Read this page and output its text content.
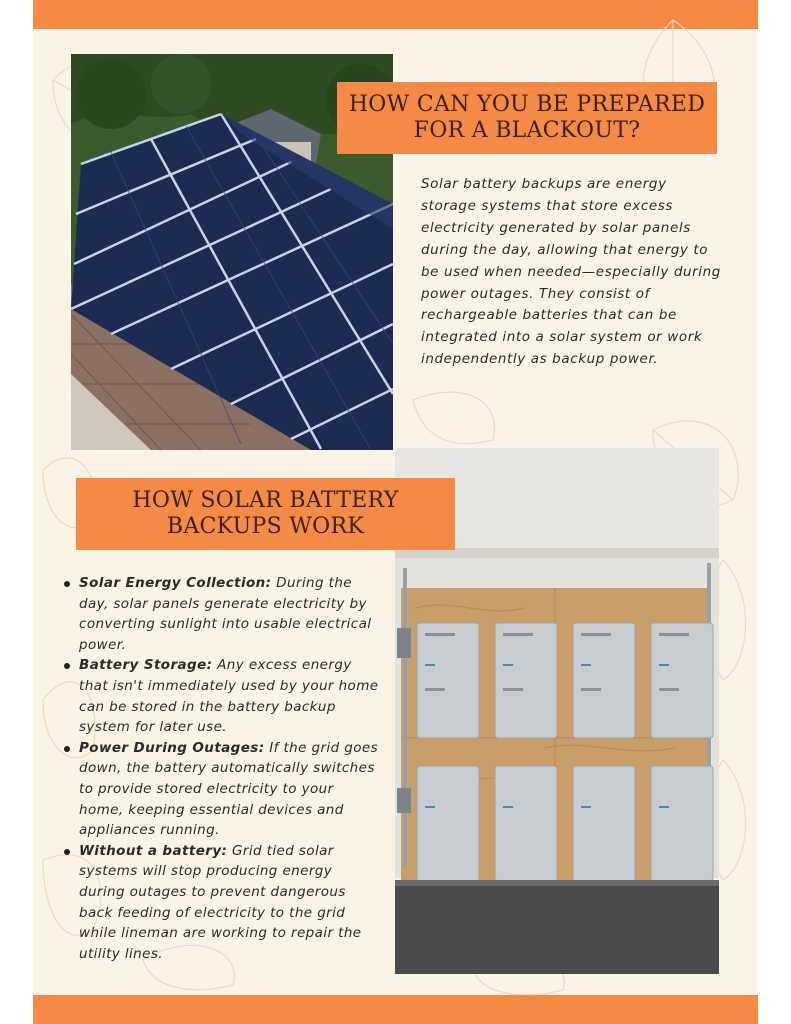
HOW CAN YOU BE PREPARED FOR A BLACKOUT?

Solar battery backups are energy storage systems that store excess electricity generated by solar panels during the day, allowing that energy to be used when needed—especially during power outages. They consist of rechargeable batteries that can be integrated into a solar system or work independently as backup power.

HOW SOLAR BATTERY BACKUPS WORK
Solar Energy Collection: During the day, solar panels generate electricity by converting sunlight into usable electrical power.
Battery Storage: Any excess energy that isn't immediately used by your home can be stored in the battery backup system for later use.
Power During Outages: If the grid goes down, the battery automatically switches to provide stored electricity to your home, keeping essential devices and appliances running.
Without a battery: Grid tied solar systems will stop producing energy during outages to prevent dangerous back feeding of electricity to the grid while lineman are working to repair the utility lines.
